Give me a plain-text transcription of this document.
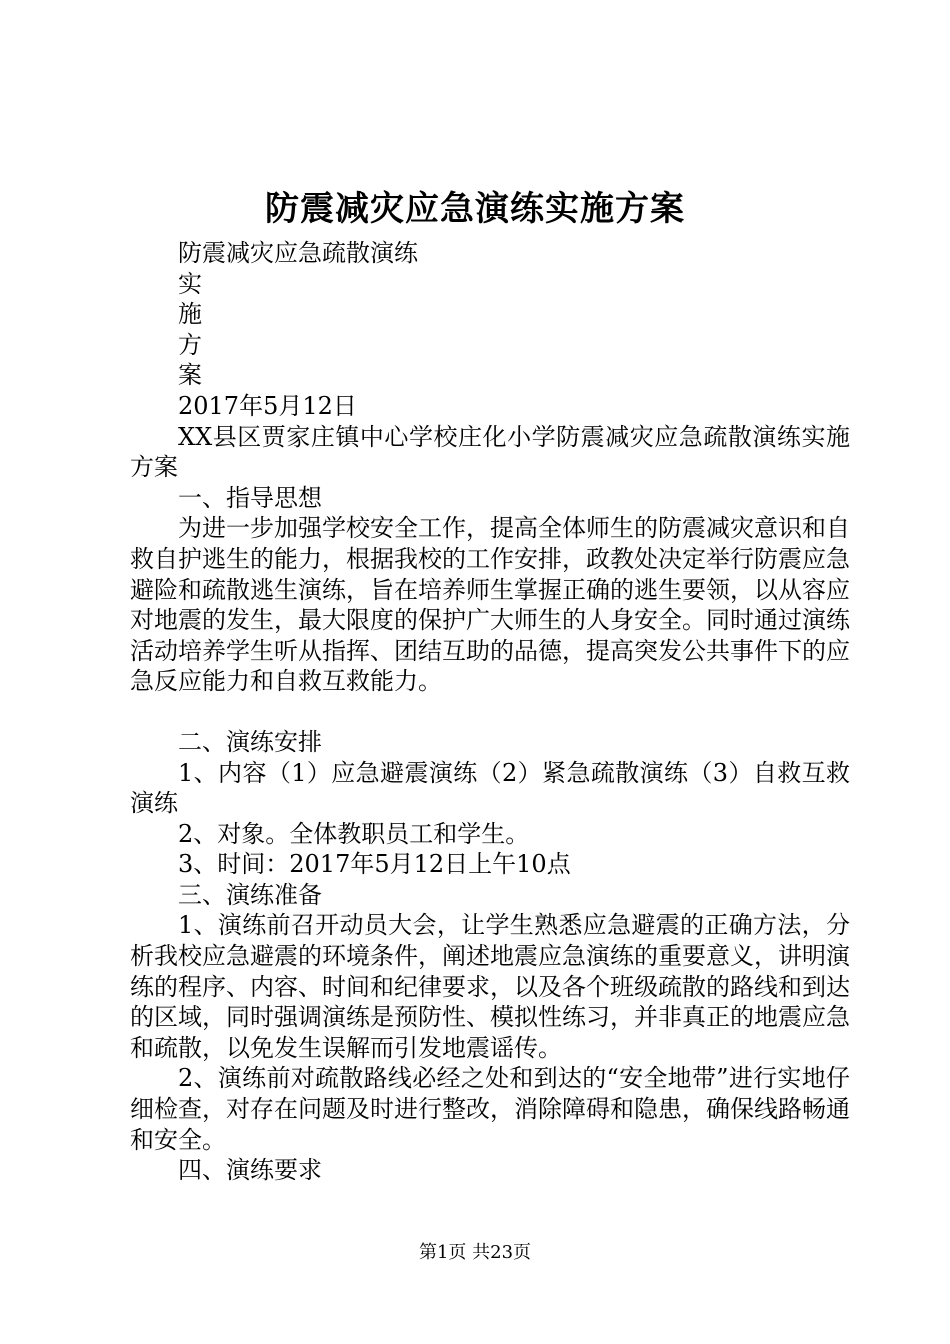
防震减灾应急演练实施方案

防震减灾应急疏散演练

实

施

方

案

2017年5月12日

XX县区贾家庄镇中心学校庄化小学防震减灾应急疏散演练实施方案

一、指导思想

为进一步加强学校安全工作，提高全体师生的防震减灾意识和自救自护逃生的能力，根据我校的工作安排，政教处决定举行防震应急避险和疏散逃生演练，旨在培养师生掌握正确的逃生要领，以从容应对地震的发生，最大限度的保护广大师生的人身安全。同时通过演练活动培养学生听从指挥、团结互助的品德，提高突发公共事件下的应急反应能力和自救互救能力。

二、演练安排

1、内容（1）应急避震演练（2）紧急疏散演练（3）自救互救演练

2、对象。全体教职员工和学生。

3、时间：2017年5月12日上午10点

三、演练准备

1、演练前召开动员大会，让学生熟悉应急避震的正确方法，分析我校应急避震的环境条件，阐述地震应急演练的重要意义，讲明演练的程序、内容、时间和纪律要求，以及各个班级疏散的路线和到达的区域，同时强调演练是预防性、模拟性练习，并非真正的地震应急和疏散，以免发生误解而引发地震谣传。

2、演练前对疏散路线必经之处和到达的“安全地带”进行实地仔细检查，对存在问题及时进行整改，消除障碍和隐患，确保线路畅通和安全。

四、演练要求

第1页 共23页
